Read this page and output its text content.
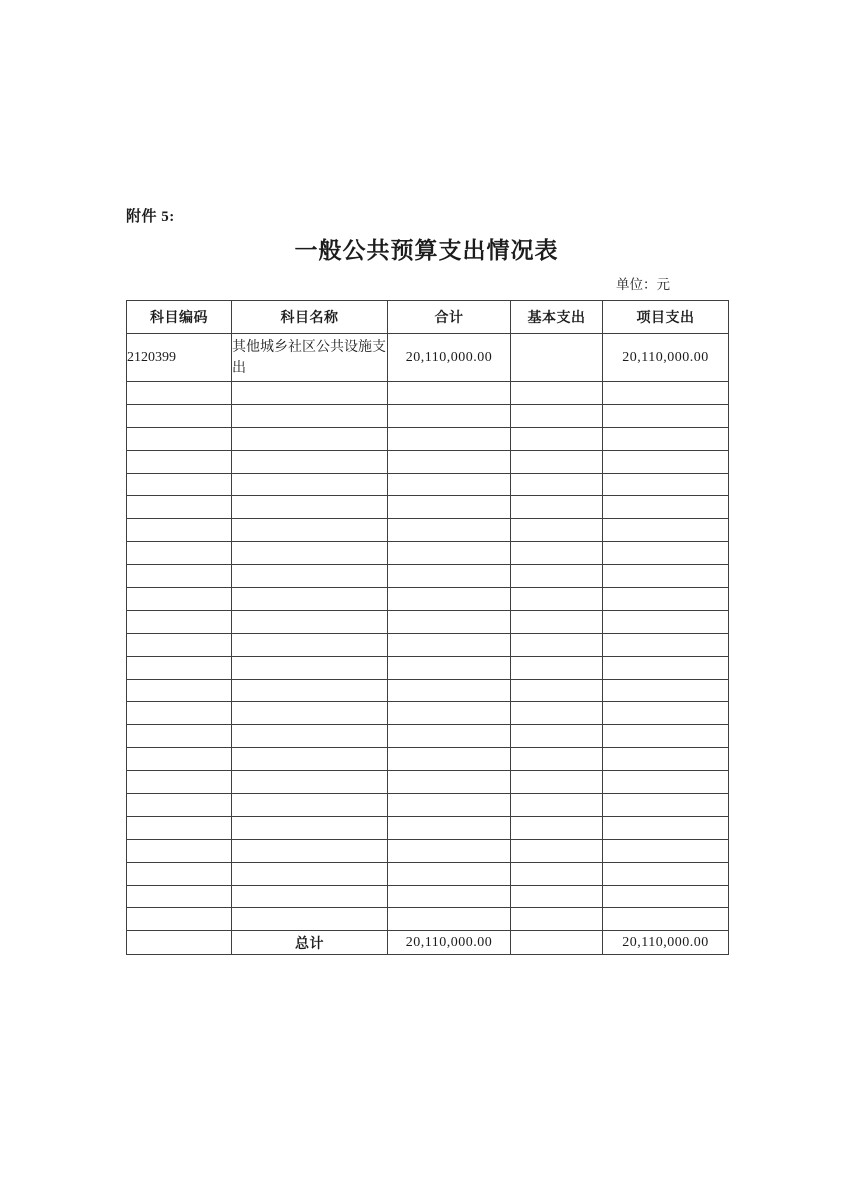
附件 5:
一般公共预算支出情况表
单位：元
科目编码	科目名称	合计	基本支出	项目支出
2120399	其他城乡社区公共设施支出	20,110,000.00		20,110,000.00

	总计	20,110,000.00		20,110,000.00
